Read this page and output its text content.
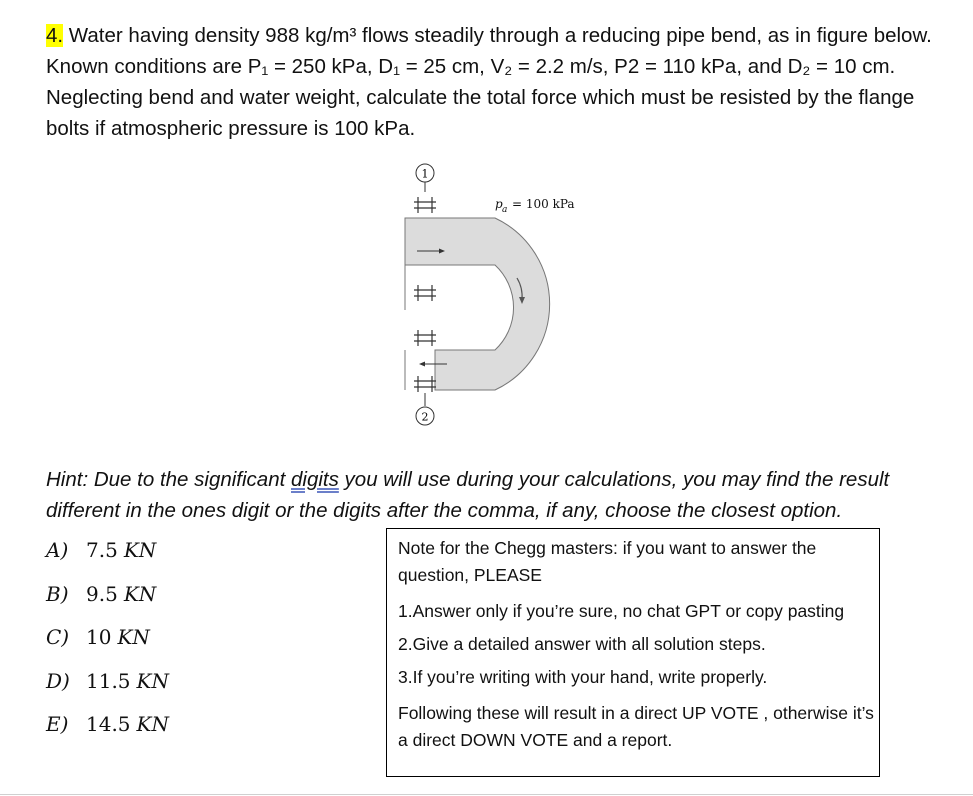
4. Water having density 988 kg/m³ flows steadily through a reducing pipe bend, as in figure below. Known conditions are P₁ = 250 kPa, D₁ = 25 cm, V₂ = 2.2 m/s, P2 = 110 kPa, and D₂ = 10 cm. Neglecting bend and water weight, calculate the total force which must be resisted by the flange bolts if atmospheric pressure is 100 kPa.
1
2
p a = 100 kPa
Hint: Due to the significant digits you will use during your calculations, you may find the result different in the ones digit or the digits after the comma, if any, choose the closest option.
A) 7.5 KN
B) 9.5 KN
C) 10 KN
D) 11.5 KN
E) 14.5 KN

Note for the Chegg masters: if you want to answer the question, PLEASE

1.Answer only if you’re sure, no chat GPT or copy pasting

2.Give a detailed answer with all solution steps.

3.If you’re writing with your hand, write properly.

Following these will result in a direct UP VOTE , otherwise it’s a direct DOWN VOTE and a report.
